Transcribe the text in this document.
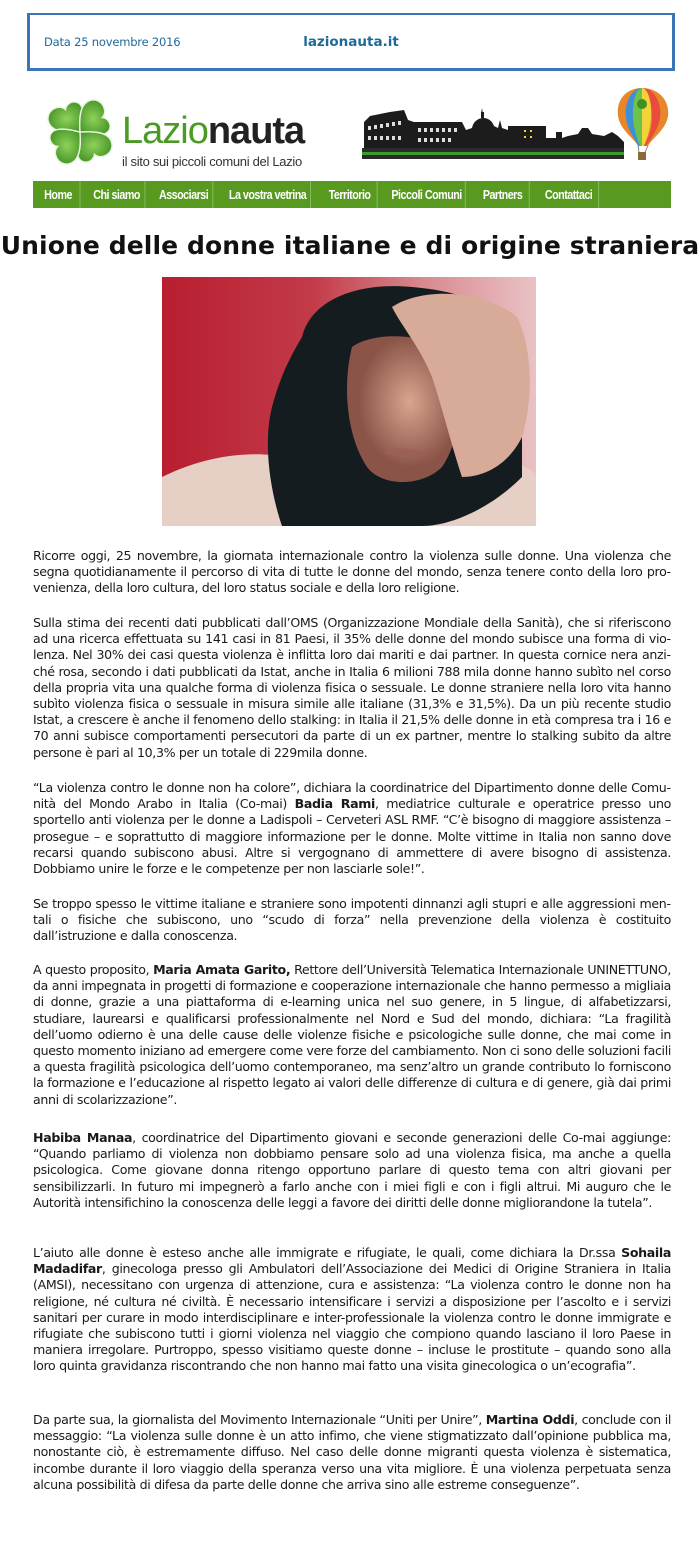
Data 25 novembre 2016	lazionauta.it
Lazionauta
il sito sui piccoli comuni del Lazio
Home Chi siamo Associarsi La vostra vetrina Territorio Piccoli Comuni Partners Contattaci
Unione delle donne italiane e di origine straniera

Ricorre oggi, 25 novembre, la giornata internazionale contro la violenza sulle donne. Una violenza che segna quotidianamente il percorso di vita di tutte le donne del mondo, senza tenere conto della loro provenienza, della loro cultura, del loro status sociale e della loro religione.

Sulla stima dei recenti dati pubblicati dall’OMS (Organizzazione Mondiale della Sanità), che si riferiscono ad una ricerca effettuata su 141 casi in 81 Paesi, il 35% delle donne del mondo subisce una forma di violenza. Nel 30% dei casi questa violenza è inflitta loro dai mariti e dai partner. In questa cornice nera anziché rosa, secondo i dati pubblicati da Istat, anche in Italia 6 milioni 788 mila donne hanno subìto nel corso della propria vita una qualche forma di violenza fisica o sessuale. Le donne straniere nella loro vita hanno subìto violenza fisica o sessuale in misura simile alle italiane (31,3% e 31,5%). Da un più recente studio Istat, a crescere è anche il fenomeno dello stalking: in Italia il 21,5% delle donne in età compresa tra i 16 e 70 anni subisce comportamenti persecutori da parte di un ex partner, mentre lo stalking subito da altre persone è pari al 10,3% per un totale di 229mila donne.

“La violenza contro le donne non ha colore”, dichiara la coordinatrice del Dipartimento donne delle Comunità del Mondo Arabo in Italia (Co-mai) Badia Rami, mediatrice culturale e operatrice presso uno sportello anti violenza per le donne a Ladispoli – Cerveteri ASL RMF. “C’è bisogno di maggiore assistenza – prosegue – e soprattutto di maggiore informazione per le donne. Molte vittime in Italia non sanno dove recarsi quando subiscono abusi. Altre si vergognano di ammettere di avere bisogno di assistenza. Dobbiamo unire le forze e le competenze per non lasciarle sole!”.

Se troppo spesso le vittime italiane e straniere sono impotenti dinnanzi agli stupri e alle aggressioni mentali o fisiche che subiscono, uno “scudo di forza” nella prevenzione della violenza è costituito dall’istruzione e dalla conoscenza.

A questo proposito, Maria Amata Garito, Rettore dell’Università Telematica Internazionale UNINETTUNO, da anni impegnata in progetti di formazione e cooperazione internazionale che hanno permesso a migliaia di donne, grazie a una piattaforma di e-learning unica nel suo genere, in 5 lingue, di alfabetizzarsi, studiare, laurearsi e qualificarsi professionalmente nel Nord e Sud del mondo, dichiara: “La fragilità dell’uomo odierno è una delle cause delle violenze fisiche e psicologiche sulle donne, che mai come in questo momento iniziano ad emergere come vere forze del cambiamento. Non ci sono delle soluzioni facili a questa fragilità psicologica dell’uomo contemporaneo, ma senz’altro un grande contributo lo forniscono la formazione e l’educazione al rispetto legato ai valori delle differenze di cultura e di genere, già dai primi anni di scolarizzazione”.

Habiba Manaa, coordinatrice del Dipartimento giovani e seconde generazioni delle Co-mai aggiunge: “Quando parliamo di violenza non dobbiamo pensare solo ad una violenza fisica, ma anche a quella psicologica. Come giovane donna ritengo opportuno parlare di questo tema con altri giovani per sensibilizzarli. In futuro mi impegnerò a farlo anche con i miei figli e con i figli altrui. Mi auguro che le Autorità intensifichino la conoscenza delle leggi a favore dei diritti delle donne migliorandone la tutela”.

L’aiuto alle donne è esteso anche alle immigrate e rifugiate, le quali, come dichiara la Dr.ssa Sohaila Madadifar, ginecologa presso gli Ambulatori dell’Associazione dei Medici di Origine Straniera in Italia (AMSI), necessitano con urgenza di attenzione, cura e assistenza: “La violenza contro le donne non ha religione, né cultura né civiltà. È necessario intensificare i servizi a disposizione per l’ascolto e i servizi sanitari per curare in modo interdisciplinare e inter-professionale la violenza contro le donne immigrate e rifugiate che subiscono tutti i giorni violenza nel viaggio che compiono quando lasciano il loro Paese in maniera irregolare. Purtroppo, spesso visitiamo queste donne – incluse le prostitute – quando sono alla loro quinta gravidanza riscontrando che non hanno mai fatto una visita ginecologica o un’ecografia”.

Da parte sua, la giornalista del Movimento Internazionale “Uniti per Unire”, Martina Oddi, conclude con il messaggio: “La violenza sulle donne è un atto infimo, che viene stigmatizzato dall’opinione pubblica ma, nonostante ciò, è estremamente diffuso. Nel caso delle donne migranti questa violenza è sistematica, incombe durante il loro viaggio della speranza verso una vita migliore. È una violenza perpetuata senza alcuna possibilità di difesa da parte delle donne che arriva sino alle estreme conseguenze”.
